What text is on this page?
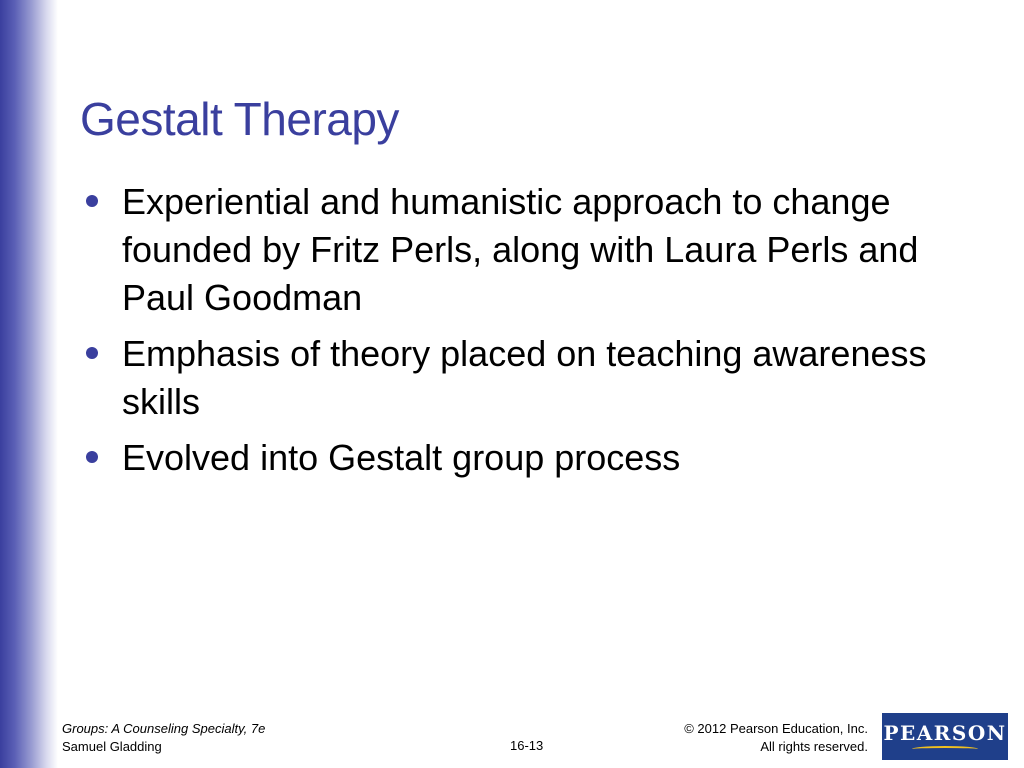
Gestalt Therapy
Experiential and humanistic approach to change founded by Fritz Perls, along with Laura Perls and Paul Goodman
Emphasis of theory placed on teaching awareness skills
Evolved into Gestalt group process
Groups: A Counseling Specialty, 7e
Samuel Gladding	16-13
© 2012 Pearson Education, Inc.
All rights reserved.
PEARSON
